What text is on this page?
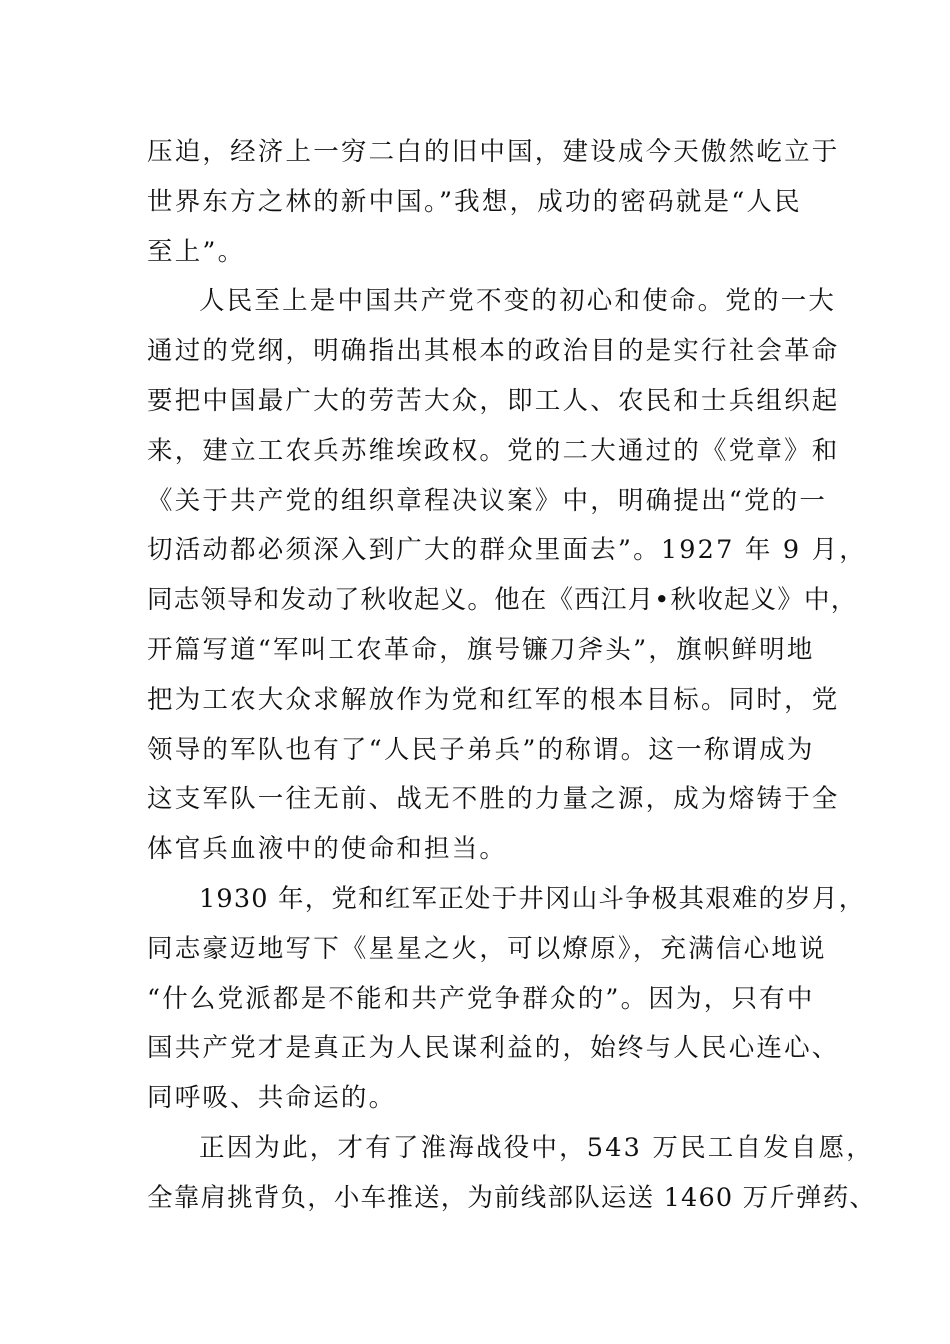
压迫，经济上一穷二白的旧中国，建设成今天傲然屹立于
世界东方之林的新中国。”我想，成功的密码就是“人民
至上”。
人民至上是中国共产党不变的初心和使命。党的一大
通过的党纲，明确指出其根本的政治目的是实行社会革命
要把中国最广大的劳苦大众，即工人、农民和士兵组织起
来，建立工农兵苏维埃政权。党的二大通过的《党章》和
《关于共产党的组织章程决议案》中，明确提出“党的一
切活动都必须深入到广大的群众里面去”。1927 年 9 月，
同志领导和发动了秋收起义。他在《西江月•秋收起义》中，
开篇写道“军叫工农革命，旗号镰刀斧头”，旗帜鲜明地
把为工农大众求解放作为党和红军的根本目标。同时，党
领导的军队也有了“人民子弟兵”的称谓。这一称谓成为
这支军队一往无前、战无不胜的力量之源，成为熔铸于全
体官兵血液中的使命和担当。
1930 年，党和红军正处于井冈山斗争极其艰难的岁月，
同志豪迈地写下《星星之火，可以燎原》，充满信心地说
“什么党派都是不能和共产党争群众的”。因为，只有中
国共产党才是真正为人民谋利益的，始终与人民心连心、
同呼吸、共命运的。
正因为此，才有了淮海战役中，543 万民工自发自愿，
全靠肩挑背负，小车推送，为前线部队运送 1460 万斤弹药、
